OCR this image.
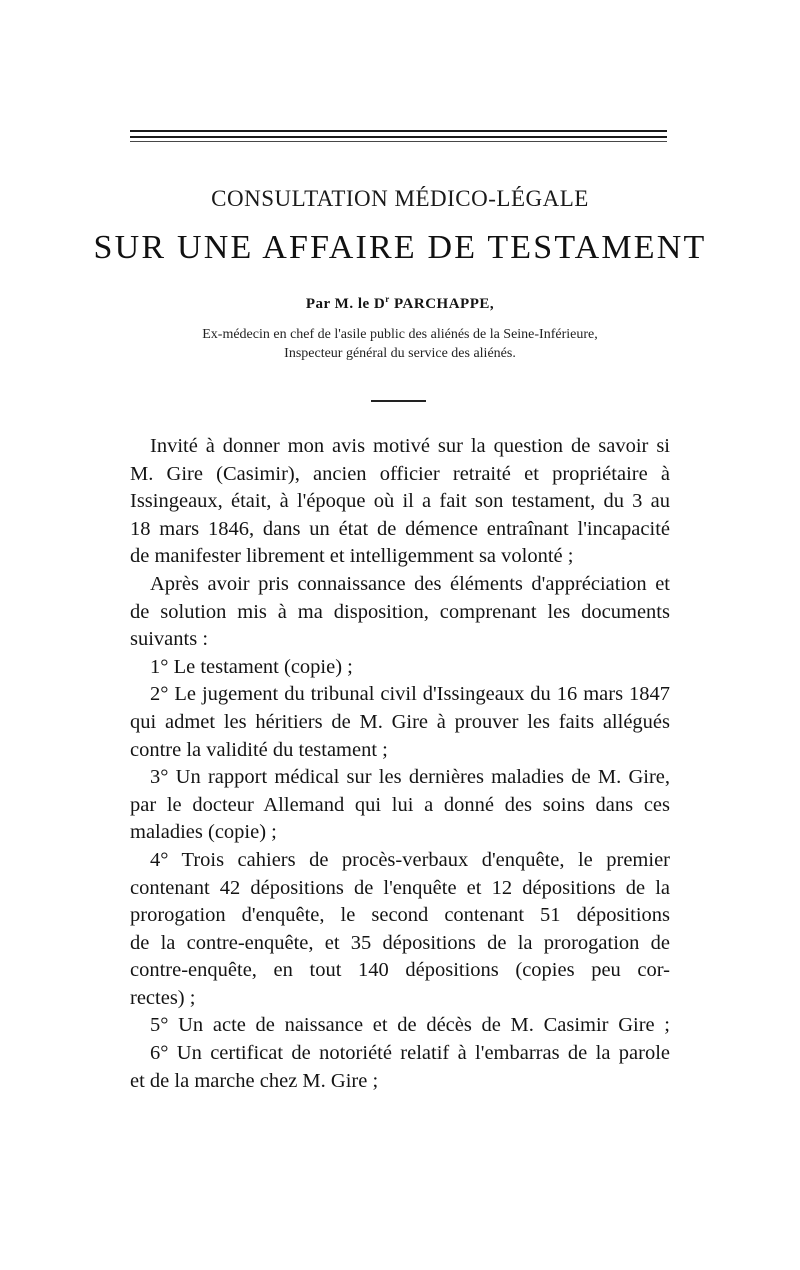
CONSULTATION MÉDICO-LÉGALE
SUR UNE AFFAIRE DE TESTAMENT
Par M. le $D^r$ PARCHAPPE,
Ex-médecin en chef de l'asile public des aliénés de la Seine-Inférieure,
Inspecteur général du service des aliénés.
Invité à donner mon avis motivé sur la question de savoir si
M. Gire (Casimir), ancien officier retraité et propriétaire à
Issingeaux, était, à l'époque où il a fait son testament, du 3 au
18 mars 1846, dans un état de démence entraînant l'incapacité
de manifester librement et intelligemment sa volonté ;
Après avoir pris connaissance des éléments d'appréciation et
de solution mis à ma disposition, comprenant les documents
suivants :
1° Le testament (copie) ;
2° Le jugement du tribunal civil d'Issingeaux du 16 mars 1847
qui admet les héritiers de M. Gire à prouver les faits allégués
contre la validité du testament ;
3° Un rapport médical sur les dernières maladies de M. Gire,
par le docteur Allemand qui lui a donné des soins dans ces
maladies (copie) ;
4° Trois cahiers de procès-verbaux d'enquête, le premier
contenant 42 dépositions de l'enquête et 12 dépositions de la
prorogation d'enquête, le second contenant 51 dépositions
de la contre-enquête, et 35 dépositions de la prorogation de
contre-enquête, en tout 140 dépositions (copies peu cor-
rectes) ;
5° Un acte de naissance et de décès de M. Casimir Gire ;
6° Un certificat de notoriété relatif à l'embarras de la parole
et de la marche chez M. Gire ;
